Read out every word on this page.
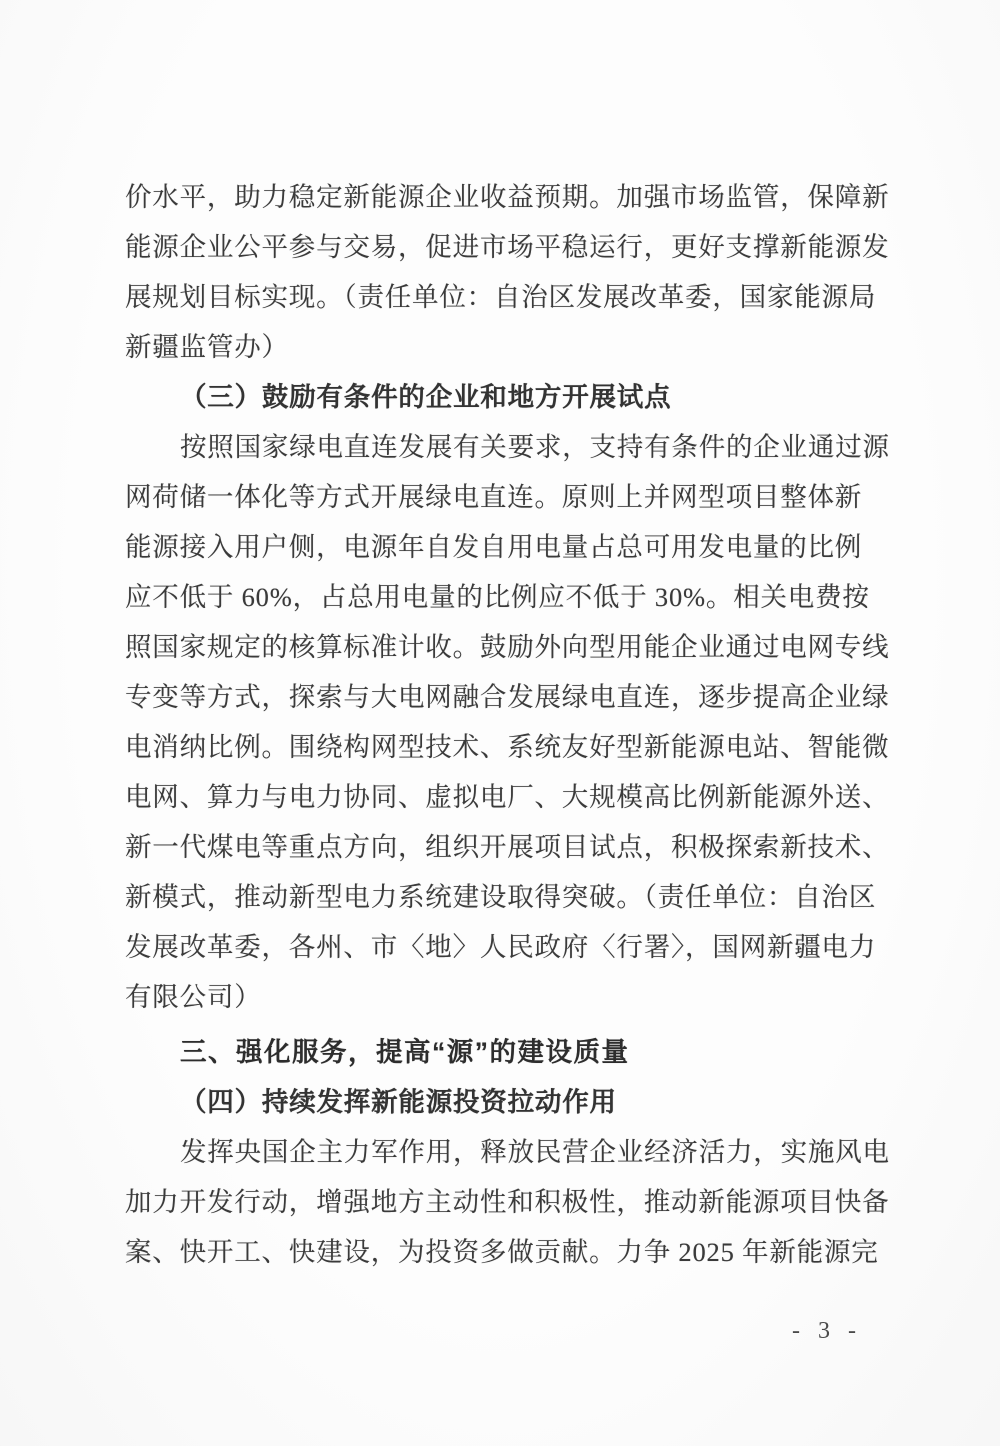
价水平，助力稳定新能源企业收益预期。加强市场监管，保障新
能源企业公平参与交易，促进市场平稳运行，更好支撑新能源发
展规划目标实现。（责任单位：自治区发展改革委，国家能源局
新疆监管办）
（三）鼓励有条件的企业和地方开展试点
按照国家绿电直连发展有关要求，支持有条件的企业通过源
网荷储一体化等方式开展绿电直连。原则上并网型项目整体新
能源接入用户侧，电源年自发自用电量占总可用发电量的比例
应不低于 60%，占总用电量的比例应不低于 30%。相关电费按
照国家规定的核算标准计收。鼓励外向型用能企业通过电网专线
专变等方式，探索与大电网融合发展绿电直连，逐步提高企业绿
电消纳比例。围绕构网型技术、系统友好型新能源电站、智能微
电网、算力与电力协同、虚拟电厂、大规模高比例新能源外送、
新一代煤电等重点方向，组织开展项目试点，积极探索新技术、
新模式，推动新型电力系统建设取得突破。（责任单位：自治区
发展改革委，各州、市〈地〉人民政府〈行署〉，国网新疆电力
有限公司）
三、强化服务，提高“源”的建设质量
（四）持续发挥新能源投资拉动作用
发挥央国企主力军作用，释放民营企业经济活力，实施风电
加力开发行动，增强地方主动性和积极性，推动新能源项目快备
案、快开工、快建设，为投资多做贡献。力争 2025 年新能源完
- 3 -
